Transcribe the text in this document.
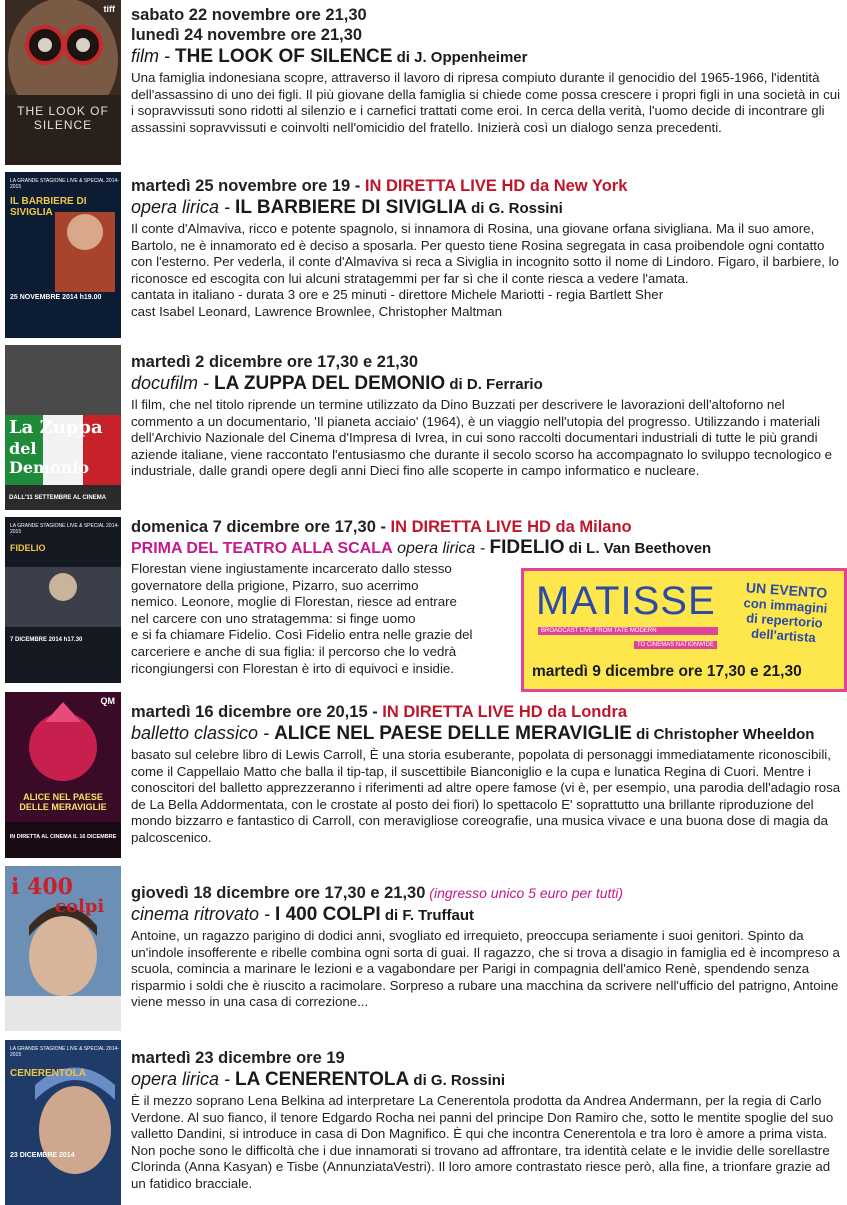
THE LOOK OF SILENCE
tiff sabato 22 novembre ore 21,30
lunedì 24 novembre ore 21,30
film - THE LOOK OF SILENCE di J. Oppenheimer
Una famiglia indonesiana scopre, attraverso il lavoro di ripresa compiuto durante il genocidio del 1965-1966, l'identità dell'assassino di uno dei figli. Il più giovane della famiglia si chiede come possa crescere i propri figli in una società in cui i sopravvissuti sono ridotti al silenzio e i carnefici trattati come eroi. In cerca della verità, l'uomo decide di incontrare gli assassini sopravvissuti e coinvolti nell'omicidio del fratello. Inizierà così un dialogo senza precedenti.
LA GRANDE STAGIONE LIVE & SPECIAL 2014-2015
IL BARBIERE DI SIVIGLIA
25 NOVEMBRE 2014 h19.00
martedì 25 novembre ore 19 - IN DIRETTA LIVE HD da New York
opera lirica - IL BARBIERE DI SIVIGLIA di G. Rossini
Il conte d'Almaviva, ricco e potente spagnolo, si innamora di Rosina, una giovane orfana sivigliana. Ma il suo amore, Bartolo, ne è innamorato ed è deciso a sposarla. Per questo tiene Rosina segregata in casa proibendole ogni contatto con l'esterno. Per vederla, il conte d'Almaviva si reca a Siviglia in incognito sotto il nome di Lindoro. Figaro, il barbiere, lo riconosce ed escogita con lui alcuni stratagemmi per far sì che il conte riesca a vedere l'amata.
cantata in italiano - durata 3 ore e 25 minuti - direttore Michele Mariotti - regia Bartlett Sher
cast Isabel Leonard, Lawrence Brownlee, Christopher Maltman
La Zuppa
del Demonio
DALL'11 SETTEMBRE AL CINEMA
martedì 2 dicembre ore 17,30 e 21,30
docufilm - LA ZUPPA DEL DEMONIO di D. Ferrario
Il film, che nel titolo riprende un termine utilizzato da Dino Buzzati per descrivere le lavorazioni dell'altoforno nel commento a un documentario, 'Il pianeta acciaio' (1964), è un viaggio nell'utopia del progresso. Utilizzando i materiali dell'Archivio Nazionale del Cinema d'Impresa di Ivrea, in cui sono raccolti documentari industriali di tutte le più grandi aziende italiane, viene raccontato l'entusiasmo che durante il secolo scorso ha accompagnato lo sviluppo tecnologico e industriale, dalle grandi opere degli anni Dieci fino alle scoperte in campo informatico e nucleare.
LA GRANDE STAGIONE LIVE & SPECIAL 2014-2015
FIDELIO
7 DICEMBRE 2014 h17.30
domenica 7 dicembre ore 17,30 - IN DIRETTA LIVE HD da Milano
PRIMA DEL TEATRO ALLA SCALA opera lirica - FIDELIO di L. Van Beethoven
Florestan viene ingiustamente incarcerato dallo stesso
governatore della prigione, Pizarro, suo acerrimo
nemico. Leonore, moglie di Florestan, riesce ad entrare
nel carcere con uno stratagemma: si finge uomo
e si fa chiamare Fidelio. Così Fidelio entra nelle grazie del
carceriere e anche di sua figlia: il percorso che lo vedrà
ricongiungersi con Florestan è irto di equivoci e insidie.
MATISSE
BROADCAST LIVE FROM TATE MODERN
TO CINEMAS NATIONWIDE
UN EVENTO
con immagini
di repertorio
dell'artista
martedì 9 dicembre ore 17,30 e 21,30
QM
ALICE NEL PAESE DELLE MERAVIGLIE
IN DIRETTA AL CINEMA IL 16 DICEMBRE
martedì 16 dicembre ore 20,15 - IN DIRETTA LIVE HD da Londra
balletto classico - ALICE NEL PAESE DELLE MERAVIGLIE di Christopher Wheeldon
basato sul celebre libro di Lewis Carroll, È una storia esuberante, popolata di personaggi immediatamente riconoscibili, come il Cappellaio Matto che balla il tip-tap, il suscettibile Bianconiglio e la cupa e lunatica Regina di Cuori. Mentre i conoscitori del balletto apprezzeranno i riferimenti ad altre opere famose (vi è, per esempio, una parodia dell'adagio rosa de La Bella Addormentata, con le crostate al posto dei fiori) lo spettacolo E' soprattutto una brillante riproduzione del mondo bizzarro e fantastico di Carroll, con meravigliose coreografie, una musica vivace e una buona dose di magia da palcoscenico.
i 400
colpi
giovedì 18 dicembre ore 17,30 e 21,30 (ingresso unico 5 euro per tutti)
cinema ritrovato - I 400 COLPI di F. Truffaut
Antoine, un ragazzo parigino di dodici anni, svogliato ed irrequieto, preoccupa seriamente i suoi genitori. Spinto da un'indole insofferente e ribelle combina ogni sorta di guai. Il ragazzo, che si trova a disagio in famiglia ed è incompreso a scuola, comincia a marinare le lezioni e a vagabondare per Parigi in compagnia dell'amico Renè, spendendo senza risparmio i soldi che è riuscito a racimolare. Sorpreso a rubare una macchina da scrivere nell'ufficio del patrigno, Antoine viene messo in una casa di correzione...
LA GRANDE STAGIONE LIVE & SPECIAL 2014-2015
CENERENTOLA
23 DICEMBRE 2014
martedì 23 dicembre ore 19
opera lirica - LA CENERENTOLA di G. Rossini
È il mezzo soprano Lena Belkina ad interpretare La Cenerentola prodotta da Andrea Andermann, per la regia di Carlo Verdone. Al suo fianco, il tenore Edgardo Rocha nei panni del principe Don Ramiro che, sotto le mentite spoglie del suo valletto Dandini, si introduce in casa di Don Magnifico. È qui che incontra Cenerentola e tra loro è amore a prima vista. Non poche sono le difficoltà che i due innamorati si trovano ad affrontare, tra identità celate e le invidie delle sorellastre Clorinda (Anna Kasyan) e Tisbe (AnnunziataVestri). Il loro amore contrastato riesce però, alla fine, a trionfare grazie ad un fatidico bracciale.
